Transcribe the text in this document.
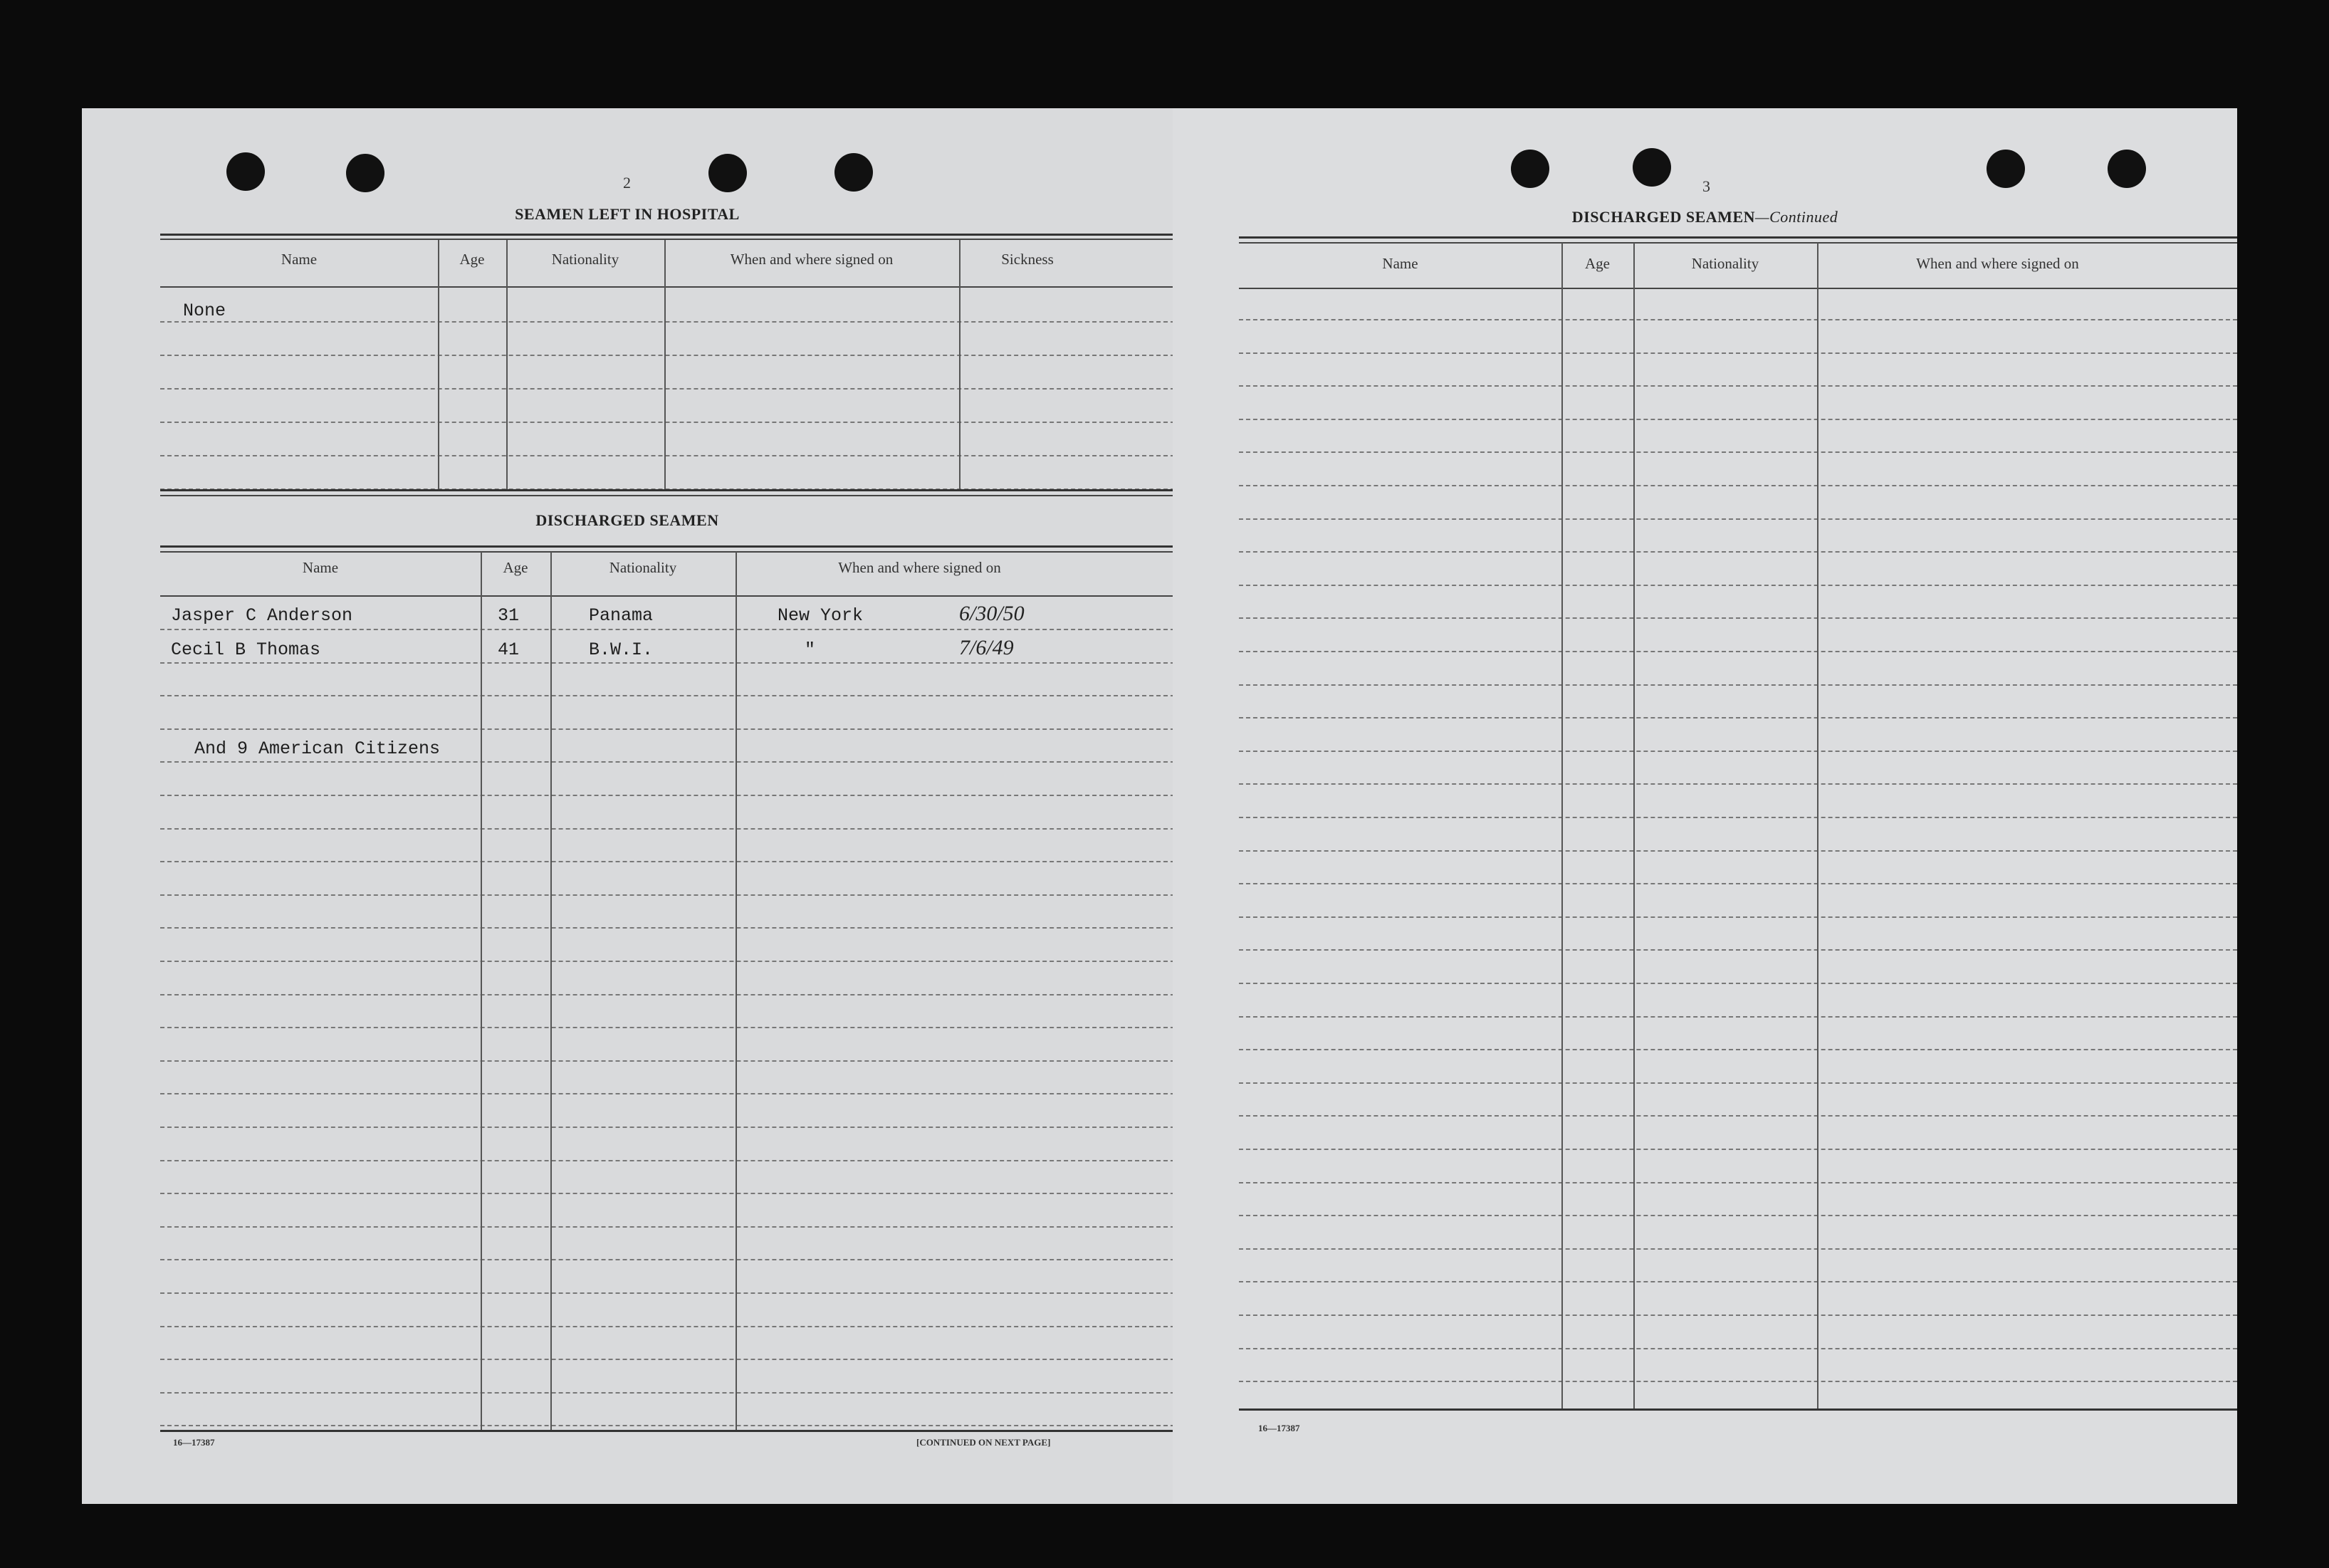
2
SEAMEN LEFT IN HOSPITAL
Name	Age	Nationality	When and where signed on	Sickness
None
DISCHARGED SEAMEN
Name	Age	Nationality	When and where signed on
Jasper C Anderson	31	Panama	New York	6/30/50
Cecil B Thomas	41	B.W.I.	"	7/6/49
And 9 American Citizens
16—17387	[CONTINUED ON NEXT PAGE]
3
DISCHARGED SEAMEN—Continued
Name	Age	Nationality	When and where signed on
16—17387
